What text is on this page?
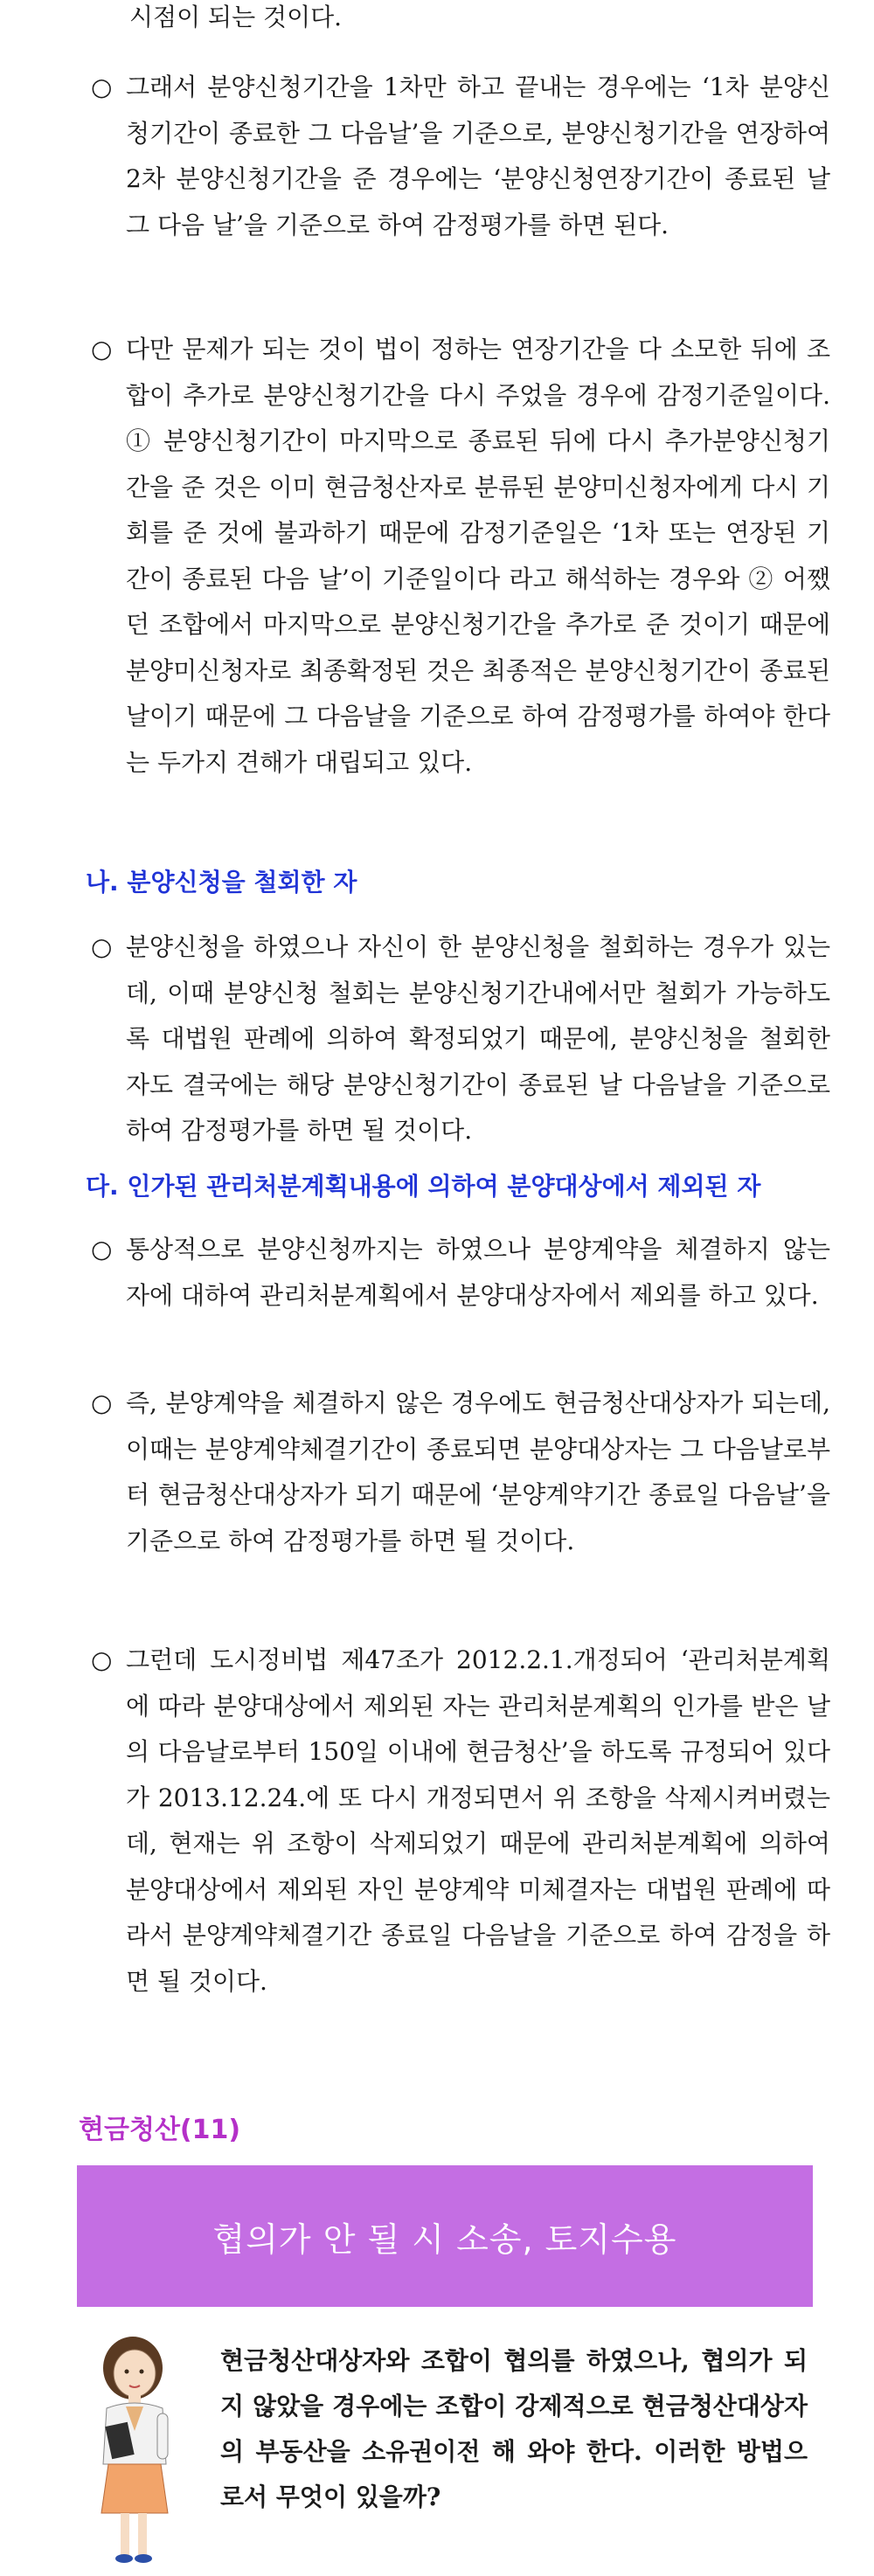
시점이 되는 것이다.
○ 그래서 분양신청기간을 1차만 하고 끝내는 경우에는 ‘1차 분양신청기간이 종료한 그 다음날’을 기준으로, 분양신청기간을 연장하여 2차 분양신청기간을 준 경우에는 ‘분양신청연장기간이 종료된 날 그 다음 날’을 기준으로 하여 감정평가를 하면 된다.
○ 다만 문제가 되는 것이 법이 정하는 연장기간을 다 소모한 뒤에 조합이 추가로 분양신청기간을 다시 주었을 경우에 감정기준일이다. ① 분양신청기간이 마지막으로 종료된 뒤에 다시 추가분양신청기간을 준 것은 이미 현금청산자로 분류된 분양미신청자에게 다시 기회를 준 것에 불과하기 때문에 감정기준일은 ‘1차 또는 연장된 기간이 종료된 다음 날’이 기준일이다 라고 해석하는 경우와 ② 어쨌던 조합에서 마지막으로 분양신청기간을 추가로 준 것이기 때문에 분양미신청자로 최종확정된 것은 최종적은 분양신청기간이 종료된 날이기 때문에 그 다음날을 기준으로 하여 감정평가를 하여야 한다는 두가지 견해가 대립되고 있다.
나. 분양신청을 철회한 자
○ 분양신청을 하였으나 자신이 한 분양신청을 철회하는 경우가 있는데, 이때 분양신청 철회는 분양신청기간내에서만 철회가 가능하도록 대법원 판례에 의하여 확정되었기 때문에, 분양신청을 철회한 자도 결국에는 해당 분양신청기간이 종료된 날 다음날을 기준으로 하여 감정평가를 하면 될 것이다.
다. 인가된 관리처분계획내용에 의하여 분양대상에서 제외된 자
○ 통상적으로 분양신청까지는 하였으나 분양계약을 체결하지 않는 자에 대하여 관리처분계획에서 분양대상자에서 제외를 하고 있다.
○ 즉, 분양계약을 체결하지 않은 경우에도 현금청산대상자가 되는데, 이때는 분양계약체결기간이 종료되면 분양대상자는 그 다음날로부터 현금청산대상자가 되기 때문에 ‘분양계약기간 종료일 다음날’을 기준으로 하여 감정평가를 하면 될 것이다.
○ 그런데 도시정비법 제47조가 2012.2.1.개정되어 ‘관리처분계획에 따라 분양대상에서 제외된 자는 관리처분계획의 인가를 받은 날의 다음날로부터 150일 이내에 현금청산’을 하도록 규정되어 있다가 2013.12.24.에 또 다시 개정되면서 위 조항을 삭제시켜버렸는데, 현재는 위 조항이 삭제되었기 때문에 관리처분계획에 의하여 분양대상에서 제외된 자인 분양계약 미체결자는 대법원 판례에 따라서 분양계약체결기간 종료일 다음날을 기준으로 하여 감정을 하면 될 것이다.
현금청산(11)
협의가 안 될 시 소송, 토지수용
현금청산대상자와 조합이 협의를 하였으나, 협의가 되지 않았을 경우에는 조합이 강제적으로 현금청산대상자의 부동산을 소유권이전 해 와야 한다. 이러한 방법으로서 무엇이 있을까?
